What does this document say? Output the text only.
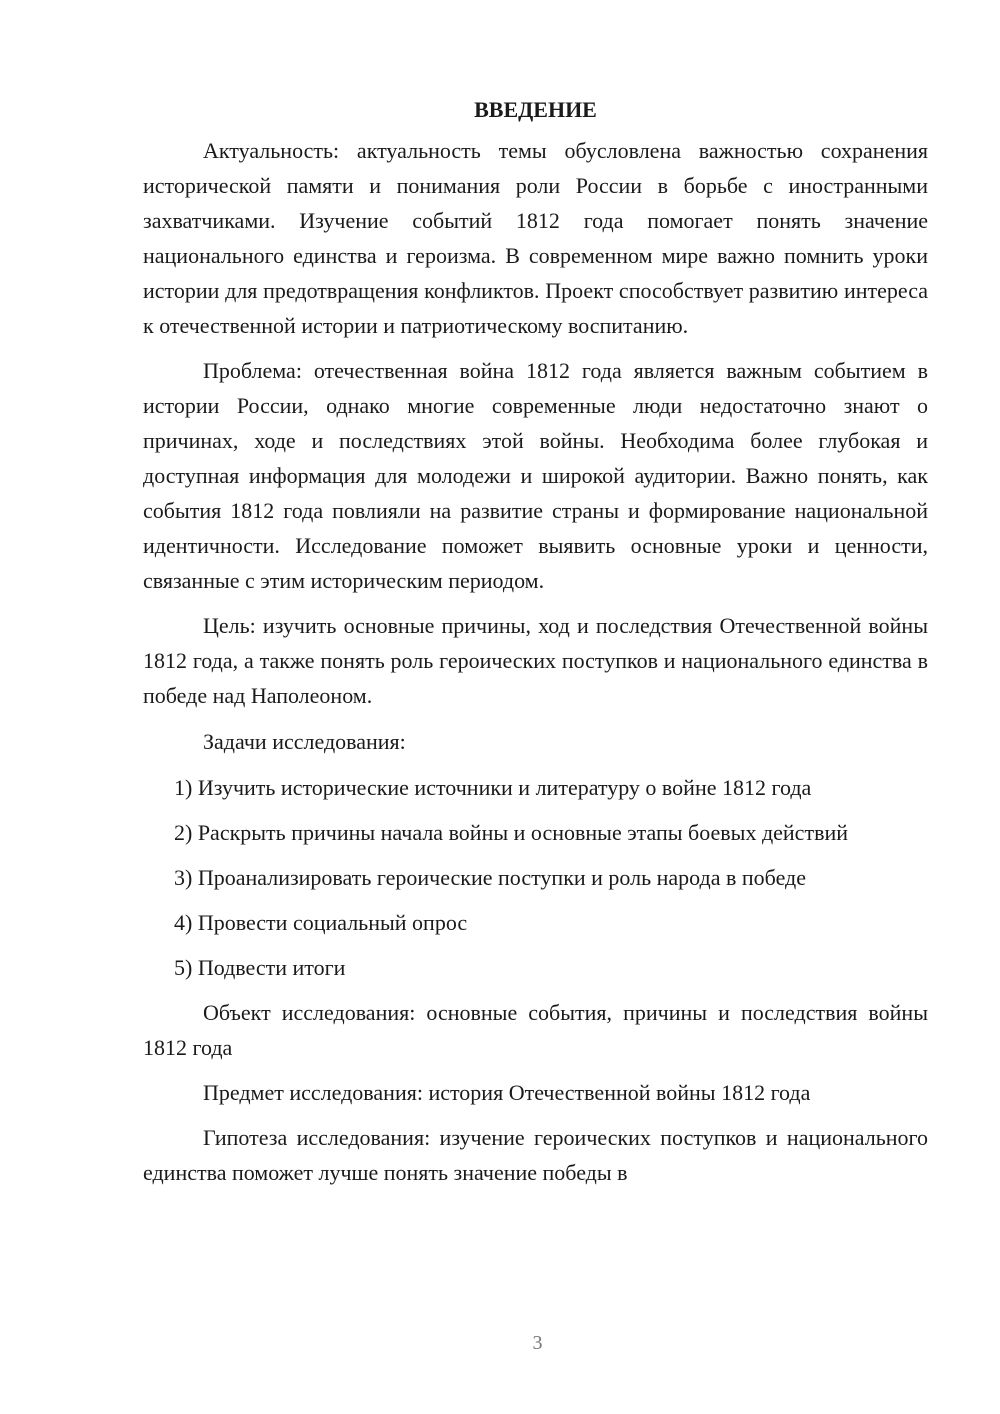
ВВЕДЕНИЕ

Актуальность: актуальность темы обусловлена важностью сохранения исторической памяти и понимания роли России в борьбе с иностранными захватчиками. Изучение событий 1812 года помогает понять значение национального единства и героизма. В современном мире важно помнить уроки истории для предотвращения конфликтов. Проект способствует развитию интереса к отечественной истории и патриотическому воспитанию.

Проблема: отечественная война 1812 года является важным событием в истории России, однако многие современные люди недостаточно знают о причинах, ходе и последствиях этой войны. Необходима более глубокая и доступная информация для молодежи и широкой аудитории. Важно понять, как события 1812 года повлияли на развитие страны и формирование национальной идентичности. Исследование поможет выявить основные уроки и ценности, связанные с этим историческим периодом.

Цель: изучить основные причины, ход и последствия Отечественной войны 1812 года, а также понять роль героических поступков и национального единства в победе над Наполеоном.

Задачи исследования:

1) Изучить исторические источники и литературу о войне 1812 года

2) Раскрыть причины начала войны и основные этапы боевых действий

3) Проанализировать героические поступки и роль народа в победе

4) Провести социальный опрос

5) Подвести итоги

Объект исследования: основные события, причины и последствия войны 1812 года

Предмет исследования: история Отечественной войны 1812 года

Гипотеза исследования: изучение героических поступков и национального единства поможет лучше понять значение победы в

3
